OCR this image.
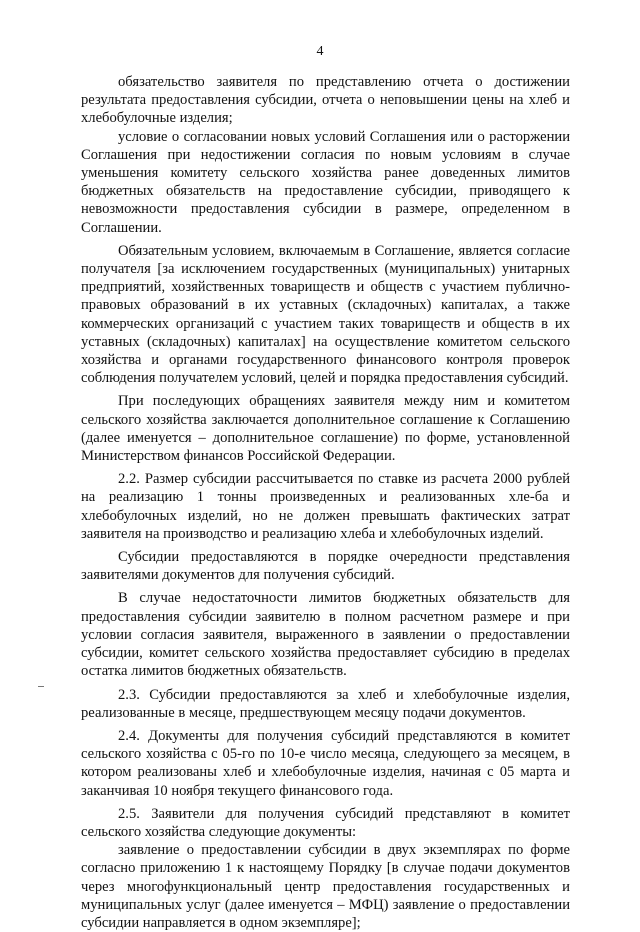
4

обязательство заявителя по представлению отчета о достижении результата предоставления субсидии, отчета о неповышении цены на хлеб и хлебобулочные изделия;

условие о согласовании новых условий Соглашения или о расторжении Соглашения при недостижении согласия по новым условиям в случае уменьшения комитету сельского хозяйства ранее доведенных лимитов бюджетных обязательств на предоставление субсидии, приводящего к невозможности предоставления субсидии в размере, определенном в Соглашении.

Обязательным условием, включаемым в Соглашение, является согласие получателя [за исключением государственных (муниципальных) унитарных предприятий, хозяйственных товариществ и обществ с участием публично-правовых образований в их уставных (складочных) капиталах, а также коммерческих организаций с участием таких товариществ и обществ в их уставных (складочных) капиталах] на осуществление комитетом сельского хозяйства и органами государственного финансового контроля проверок соблюдения получателем условий, целей и порядка предоставления субсидий.

При последующих обращениях заявителя между ним и комитетом сельского хозяйства заключается дополнительное соглашение к Соглашению (далее именуется – дополнительное соглашение) по форме, установленной Министерством финансов Российской Федерации.

2.2. Размер субсидии рассчитывается по ставке из расчета 2000 рублей на реализацию 1 тонны произведенных и реализованных хле-ба и хлебобулочных изделий, но не должен превышать фактических затрат заявителя на производство и реализацию хлеба и хлебобулочных изделий.

Субсидии предоставляются в порядке очередности представления заявителями документов для получения субсидий.

В случае недостаточности лимитов бюджетных обязательств для предоставления субсидии заявителю в полном расчетном размере и при условии согласия заявителя, выраженного в заявлении о предоставлении субсидии, комитет сельского хозяйства предоставляет субсидию в пределах остатка лимитов бюджетных обязательств.

2.3. Субсидии предоставляются за хлеб и хлебобулочные изделия, реализованные в месяце, предшествующем месяцу подачи документов.

2.4. Документы для получения субсидий представляются в комитет сельского хозяйства с 05-го по 10-е число месяца, следующего за месяцем, в котором реализованы хлеб и хлебобулочные изделия, начиная с 05 марта и заканчивая 10 ноября текущего финансового года.

2.5. Заявители для получения субсидий представляют в комитет сельского хозяйства следующие документы:

заявление о предоставлении субсидии в двух экземплярах по форме согласно приложению 1 к настоящему Порядку [в случае подачи документов через многофункциональный центр предоставления государственных и муниципальных услуг (далее именуется – МФЦ) заявление о предоставлении субсидии направляется в одном экземпляре];
